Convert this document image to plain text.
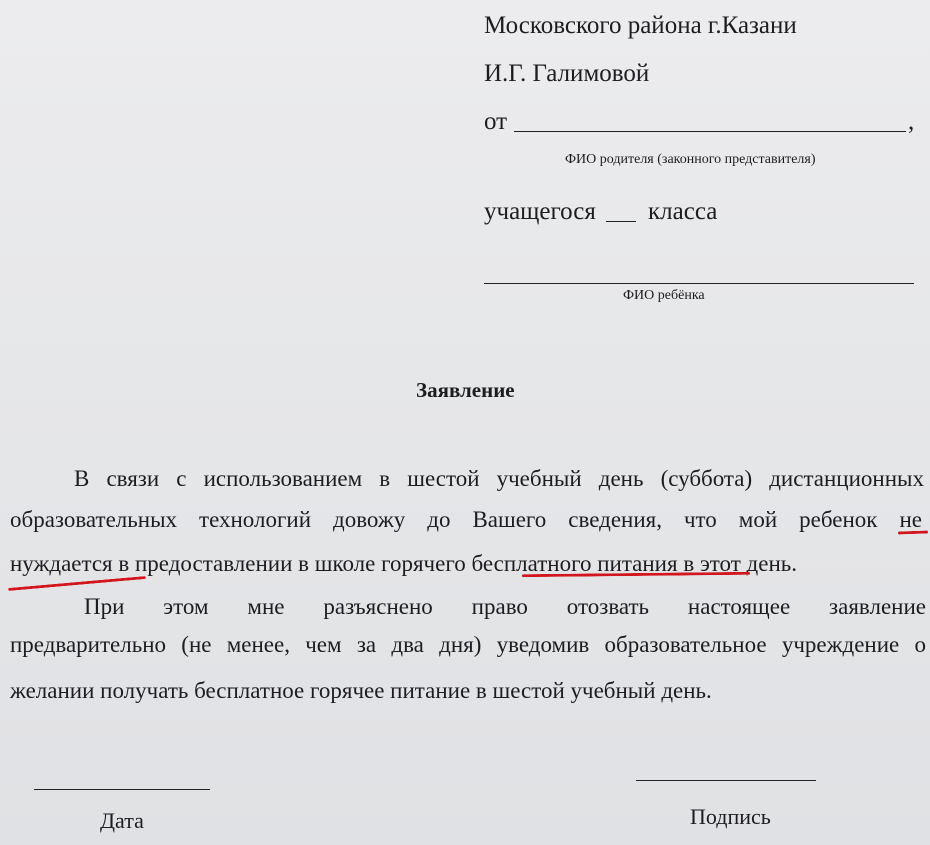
Московского района г.Казани
И.Г. Галимовой
от	,
ФИО родителя (законного представителя)
учащегося класса
ФИО ребёнка
Заявление
В связи с использованием в шестой учебный день (суббота) дистанционных
образовательных технологий довожу до Вашего сведения, что мой ребенок не
нуждается в предоставлении в школе горячего бесплатного питания в этот день.
При этом мне разъяснено право отозвать настоящее заявление
предварительно (не менее, чем за два дня) уведомив образовательное учреждение о
желании получать бесплатное горячее питание в шестой учебный день.
Дата	Подпись
